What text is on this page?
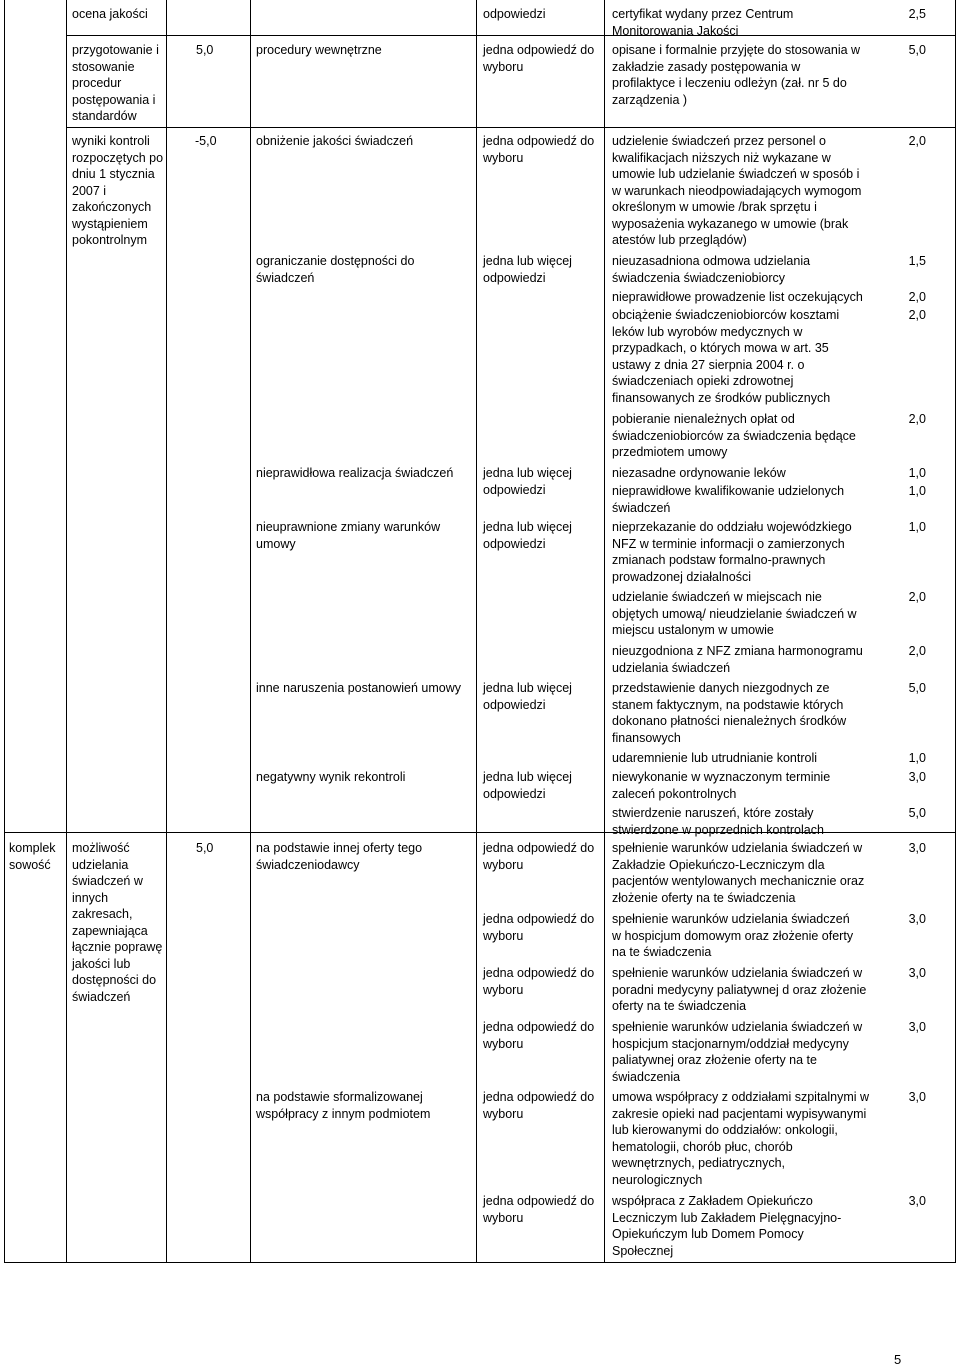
komplek sowość
ocena jakości
przygotowanie i stosowanie procedur postępowania i standardów
wyniki kontroli rozpoczętych po dniu 1 stycznia 2007 i zakończonych wystąpieniem pokontrolnym
możliwość udzielania świadczeń w innych zakresach, zapewniająca łącznie poprawę jakości lub dostępności do świadczeń
5,0
-5,0
5,0
procedury wewnętrzne
obniżenie jakości świadczeń
ograniczanie dostępności do świadczeń
nieprawidłowa realizacja świadczeń
nieuprawnione zmiany warunków umowy
inne naruszenia postanowień umowy
negatywny wynik rekontroli
na podstawie innej oferty tego świadczeniodawcy
na podstawie sformalizowanej współpracy z innym podmiotem
odpowiedzi
jedna odpowiedź do wyboru
jedna odpowiedź do wyboru
jedna lub więcej odpowiedzi
jedna lub więcej odpowiedzi
jedna lub więcej odpowiedzi
jedna lub więcej odpowiedzi
jedna lub więcej odpowiedzi
jedna odpowiedź do wyboru
jedna odpowiedź do wyboru
jedna odpowiedź do wyboru
jedna odpowiedź do wyboru
jedna odpowiedź do wyboru
jedna odpowiedź do wyboru
certyfikat wydany przez Centrum Monitorowania Jakości
opisane i formalnie przyjęte do stosowania w zakładzie zasady postępowania w profilaktyce i leczeniu odleżyn (zał. nr 5 do zarządzenia )
udzielenie świadczeń przez personel o kwalifikacjach niższych niż wykazane w umowie lub udzielanie świadczeń w sposób i w warunkach nieodpowiadających wymogom określonym w umowie /brak sprzętu i wyposażenia wykazanego w umowie (brak atestów lub przeglądów)
nieuzasadniona odmowa udzielania świadczenia świadczeniobiorcy
nieprawidłowe prowadzenie list oczekujących
obciążenie świadczeniobiorców kosztami leków lub wyrobów medycznych w przypadkach, o których mowa w art. 35 ustawy z dnia 27 sierpnia 2004 r. o świadczeniach opieki zdrowotnej finansowanych ze środków publicznych
pobieranie nienależnych opłat od świadczeniobiorców za świadczenia będące przedmiotem umowy
niezasadne ordynowanie leków
nieprawidłowe kwalifikowanie udzielonych świadczeń
nieprzekazanie do oddziału wojewódzkiego NFZ w terminie informacji o zamierzonych zmianach podstaw formalno-prawnych prowadzonej działalności
udzielanie świadczeń w miejscach nie objętych umową/ nieudzielanie świadczeń w miejscu ustalonym w umowie
nieuzgodniona z NFZ zmiana harmonogramu udzielania świadczeń
przedstawienie danych niezgodnych ze stanem faktycznym, na podstawie których dokonano płatności nienależnych środków finansowych
udaremnienie lub utrudnianie kontroli
niewykonanie w wyznaczonym terminie zaleceń pokontrolnych
stwierdzenie naruszeń, które zostały stwierdzone w poprzednich kontrolach
spełnienie warunków udzielania świadczeń w Zakładzie Opiekuńczo-Leczniczym dla pacjentów wentylowanych mechanicznie oraz złożenie oferty na te świadczenia
spełnienie warunków udzielania świadczeń w hospicjum domowym oraz złożenie oferty na te świadczenia
spełnienie warunków udzielania świadczeń w poradni medycyny paliatywnej d oraz złożenie oferty na te świadczenia
spełnienie warunków udzielania świadczeń w hospicjum stacjonarnym/oddział medycyny paliatywnej oraz złożenie oferty na te świadczenia
umowa współpracy z oddziałami szpitalnymi w zakresie opieki nad pacjentami wypisywanymi lub kierowanymi do oddziałów: onkologii, hematologii, chorób płuc, chorób wewnętrznych, pediatrycznych, neurologicznych
współpraca z Zakładem Opiekuńczo Leczniczym lub Zakładem Pielęgnacyjno-Opiekuńczym lub Domem Pomocy Społecznej
2,5
5,0
2,0
1,5
2,0
2,0
2,0
1,0
1,0
1,0
2,0
2,0
5,0
1,0
3,0
5,0
3,0
3,0
3,0
3,0
3,0
3,0
5
